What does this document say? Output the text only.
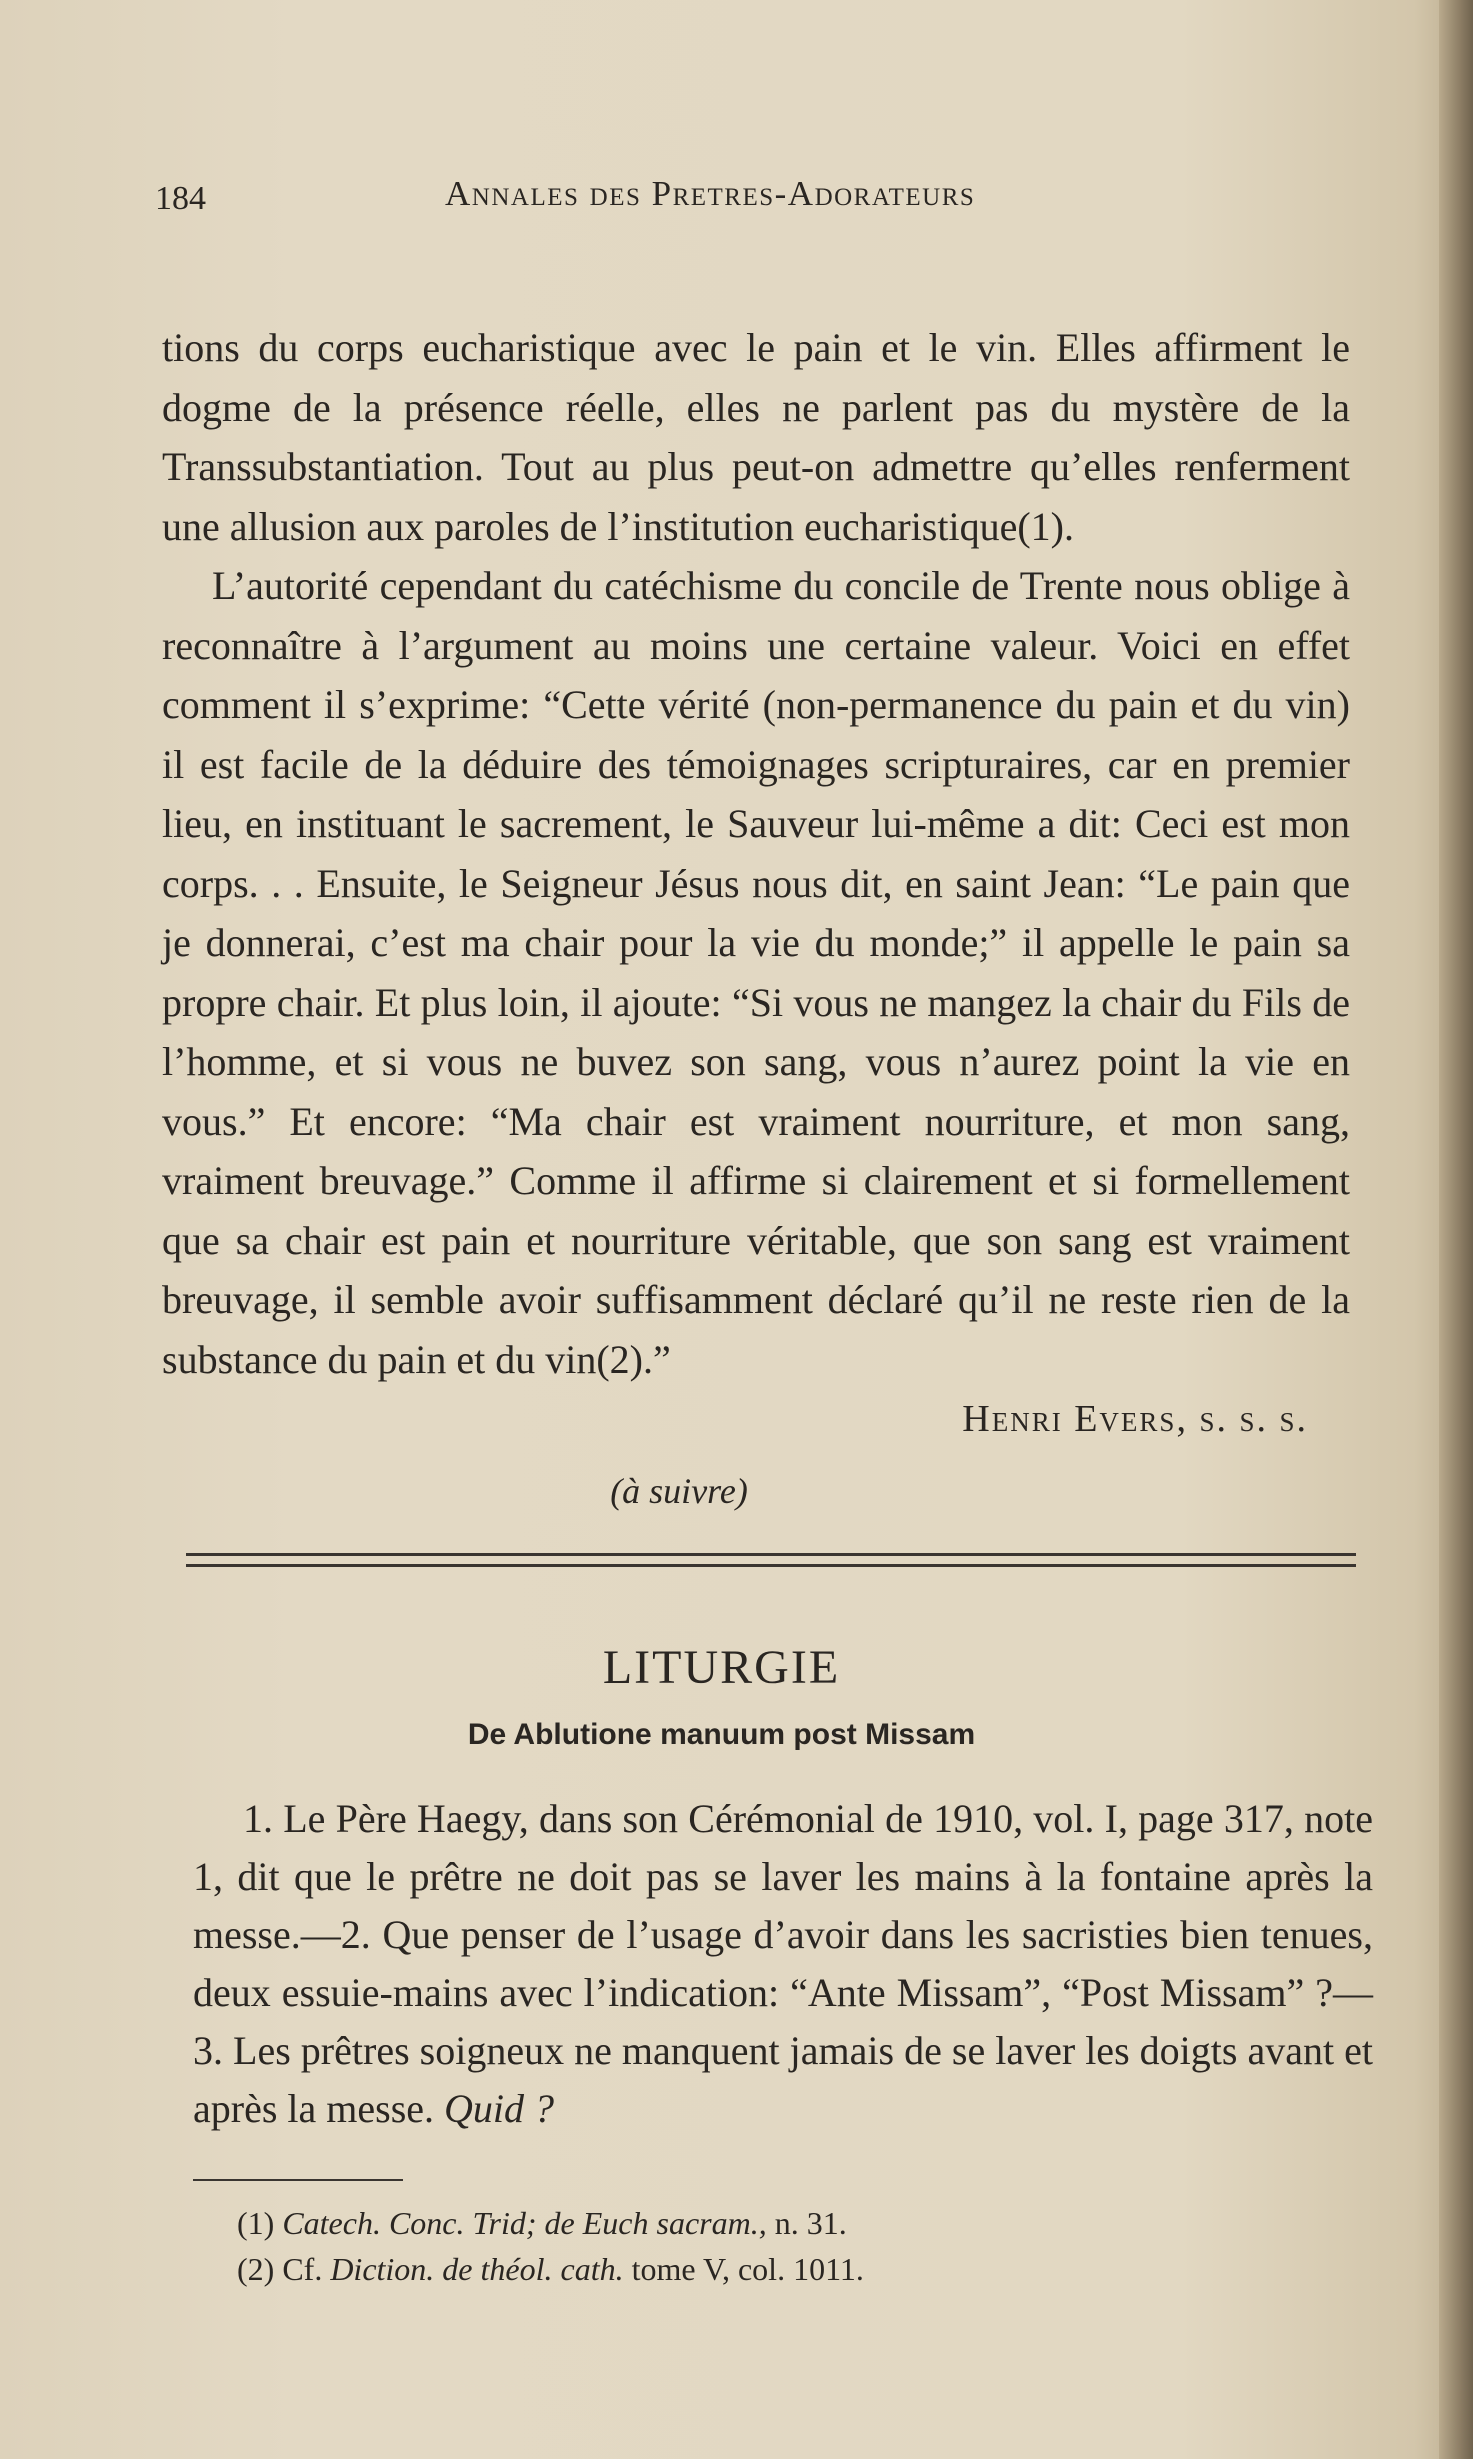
184	Annales des Pretres-Adorateurs

tions du corps eucharistique avec le pain et le vin. Elles affirment le dogme de la présence réelle, elles ne parlent pas du mystère de la Transsubstantiation. Tout au plus peut-on admettre qu’elles renferment une allusion aux paroles de l’institution eucharistique(1).

L’autorité cependant du catéchisme du concile de Trente nous oblige à reconnaître à l’argument au moins une certaine valeur. Voici en effet comment il s’exprime: “Cette vérité (non-permanence du pain et du vin) il est facile de la déduire des témoignages scripturaires, car en premier lieu, en instituant le sacrement, le Sauveur lui-même a dit: Ceci est mon corps. . . Ensuite, le Seigneur Jésus nous dit, en saint Jean: “Le pain que je donnerai, c’est ma chair pour la vie du monde;” il appelle le pain sa propre chair. Et plus loin, il ajoute: “Si vous ne mangez la chair du Fils de l’homme, et si vous ne buvez son sang, vous n’aurez point la vie en vous.” Et encore: “Ma chair est vraiment nourriture, et mon sang, vraiment breuvage.” Comme il affirme si clairement et si formellement que sa chair est pain et nourriture véritable, que son sang est vraiment breuvage, il semble avoir suffisamment déclaré qu’il ne reste rien de la substance du pain et du vin(2).”

Henri Evers, s. s. s.
(à suivre)
LITURGIE
De Ablutione manuum post Missam

1. Le Père Haegy, dans son Cérémonial de 1910, vol. I, page 317, note 1, dit que le prêtre ne doit pas se laver les mains à la fontaine après la messe.—2. Que penser de l’usage d’avoir dans les sacristies bien tenues, deux essuie-mains avec l’indication: “Ante Missam”, “Post Missam” ?—3. Les prêtres soigneux ne manquent jamais de se laver les doigts avant et après la messe. Quid ?

(1) Catech. Conc. Trid; de Euch sacram., n. 31.
(2) Cf. Diction. de théol. cath. tome V, col. 1011.
